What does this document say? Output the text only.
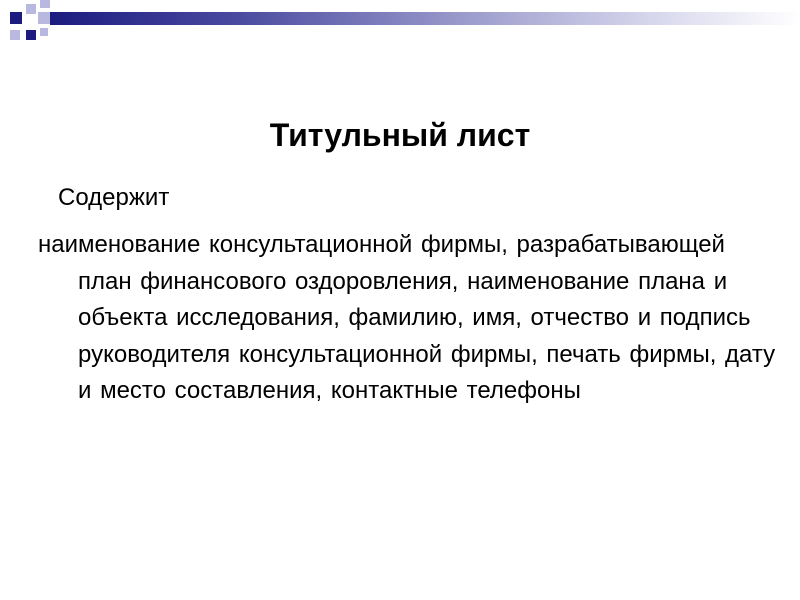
Титульный лист

Содержит

наименование консультационной фирмы, разрабатывающей план финансового оздоровления, наименование плана и объекта исследования, фамилию, имя, отчество и подпись руководителя консультационной фирмы, печать фирмы, дату и место составления, контактные телефоны
